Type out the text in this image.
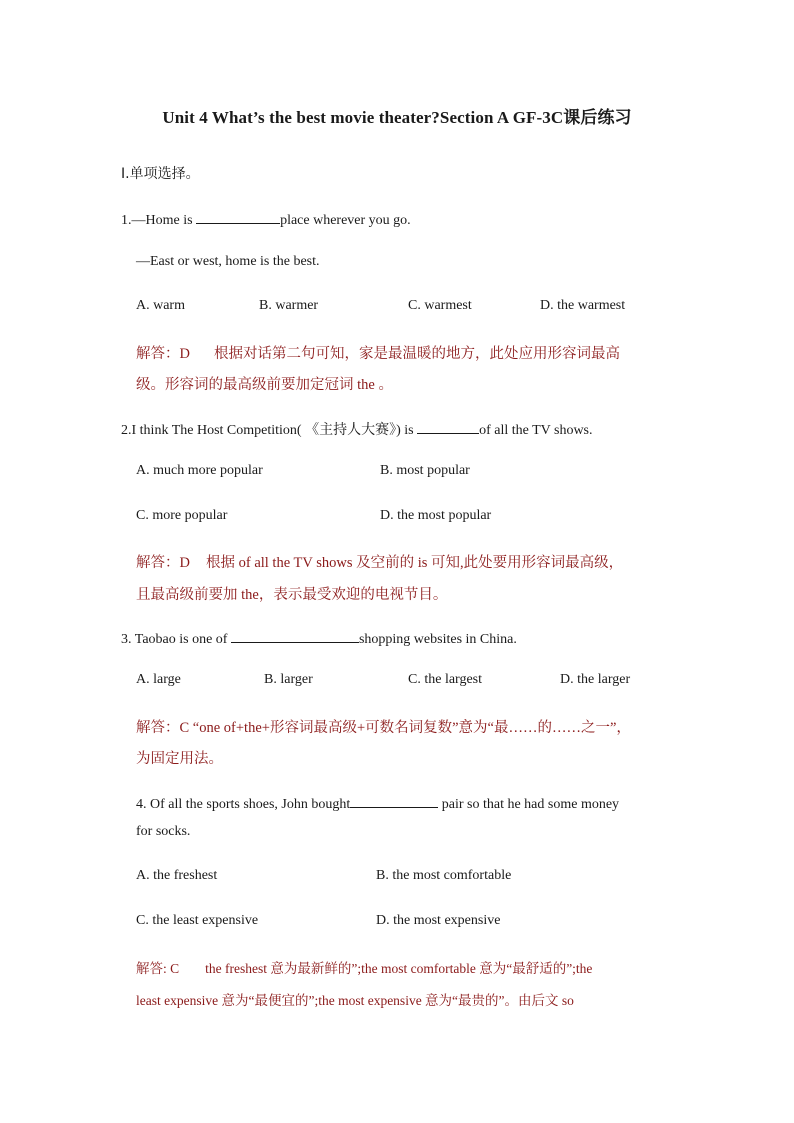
Unit 4 What’s the best movie theater?Section A GF-3C课后练习
Ⅰ.单项选择。
1.—Home is	place wherever you go.
—East or west, home is the best.
A. warm	B. warmer	C. warmest	D. the warmest
解答：D 根据对话第二句可知，家是最温暖的地方，此处应用形容词最高
级。形容词的最高级前要加定冠词 the 。
2.I think The Host Competition( 《主持人大赛》) is	of all the TV shows.
A. much more popular	B. most popular
C. more popular	D. the most popular
解答：D 根据 of all the TV shows 及空前的 is 可知,此处要用形容词最高级，
且最高级前要加 the，表示最受欢迎的电视节目。
3. Taobao is one of	shopping websites in China.
A. large	B. larger	C. the largest	D. the larger
解答：C “one of+the+形容词最高级+可数名词复数”意为“最……的……之一”，
为固定用法。
4. Of all the sports shoes, John bought	pair so that he had some money
for socks.
A. the freshest	B. the most comfortable
C. the least expensive	D. the most expensive
解答: C the freshest 意为最新鲜的”;the most comfortable 意为“最舒适的”;the
least expensive 意为“最便宜的”;the most expensive 意为“最贵的”。由后文 so
